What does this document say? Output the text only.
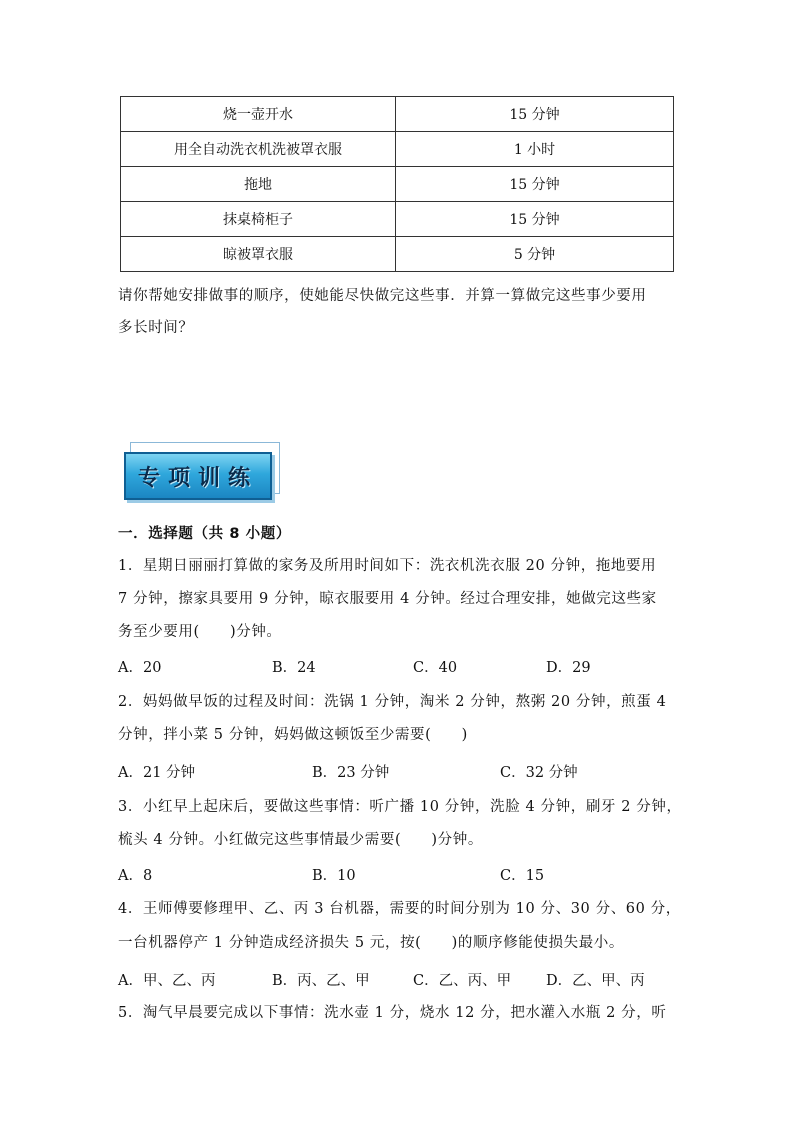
烧一壶开水	15 分钟
用全自动洗衣机洗被罩衣服	1 小时
拖地	15 分钟
抹桌椅柜子	15 分钟
晾被罩衣服	5 分钟
请你帮她安排做事的顺序，使她能尽快做完这些事．并算一算做完这些事少要用
多长时间？
专项训练
一．选择题（共 8 小题）
1．星期日丽丽打算做的家务及所用时间如下：洗衣机洗衣服 20 分钟，拖地要用
7 分钟，擦家具要用 9 分钟，晾衣服要用 4 分钟。经过合理安排，她做完这些家
务至少要用(　　)分钟。
A．20	B．24	C．40	D．29
2．妈妈做早饭的过程及时间：洗锅 1 分钟，淘米 2 分钟，熬粥 20 分钟，煎蛋 4
分钟，拌小菜 5 分钟，妈妈做这顿饭至少需要(　　)
A．21 分钟	B．23 分钟	C．32 分钟
3．小红早上起床后，要做这些事情：听广播 10 分钟，洗脸 4 分钟，刷牙 2 分钟，
梳头 4 分钟。小红做完这些事情最少需要(　　)分钟。
A．8	B．10	C．15
4．王师傅要修理甲、乙、丙 3 台机器，需要的时间分别为 10 分、30 分、60 分，
一台机器停产 1 分钟造成经济损失 5 元，按(　　)的顺序修能使损失最小。
A．甲、乙、丙	B．丙、乙、甲	C．乙、丙、甲 D．乙、甲、丙
5．淘气早晨要完成以下事情：洗水壶 1 分，烧水 12 分，把水灌入水瓶 2 分，听
